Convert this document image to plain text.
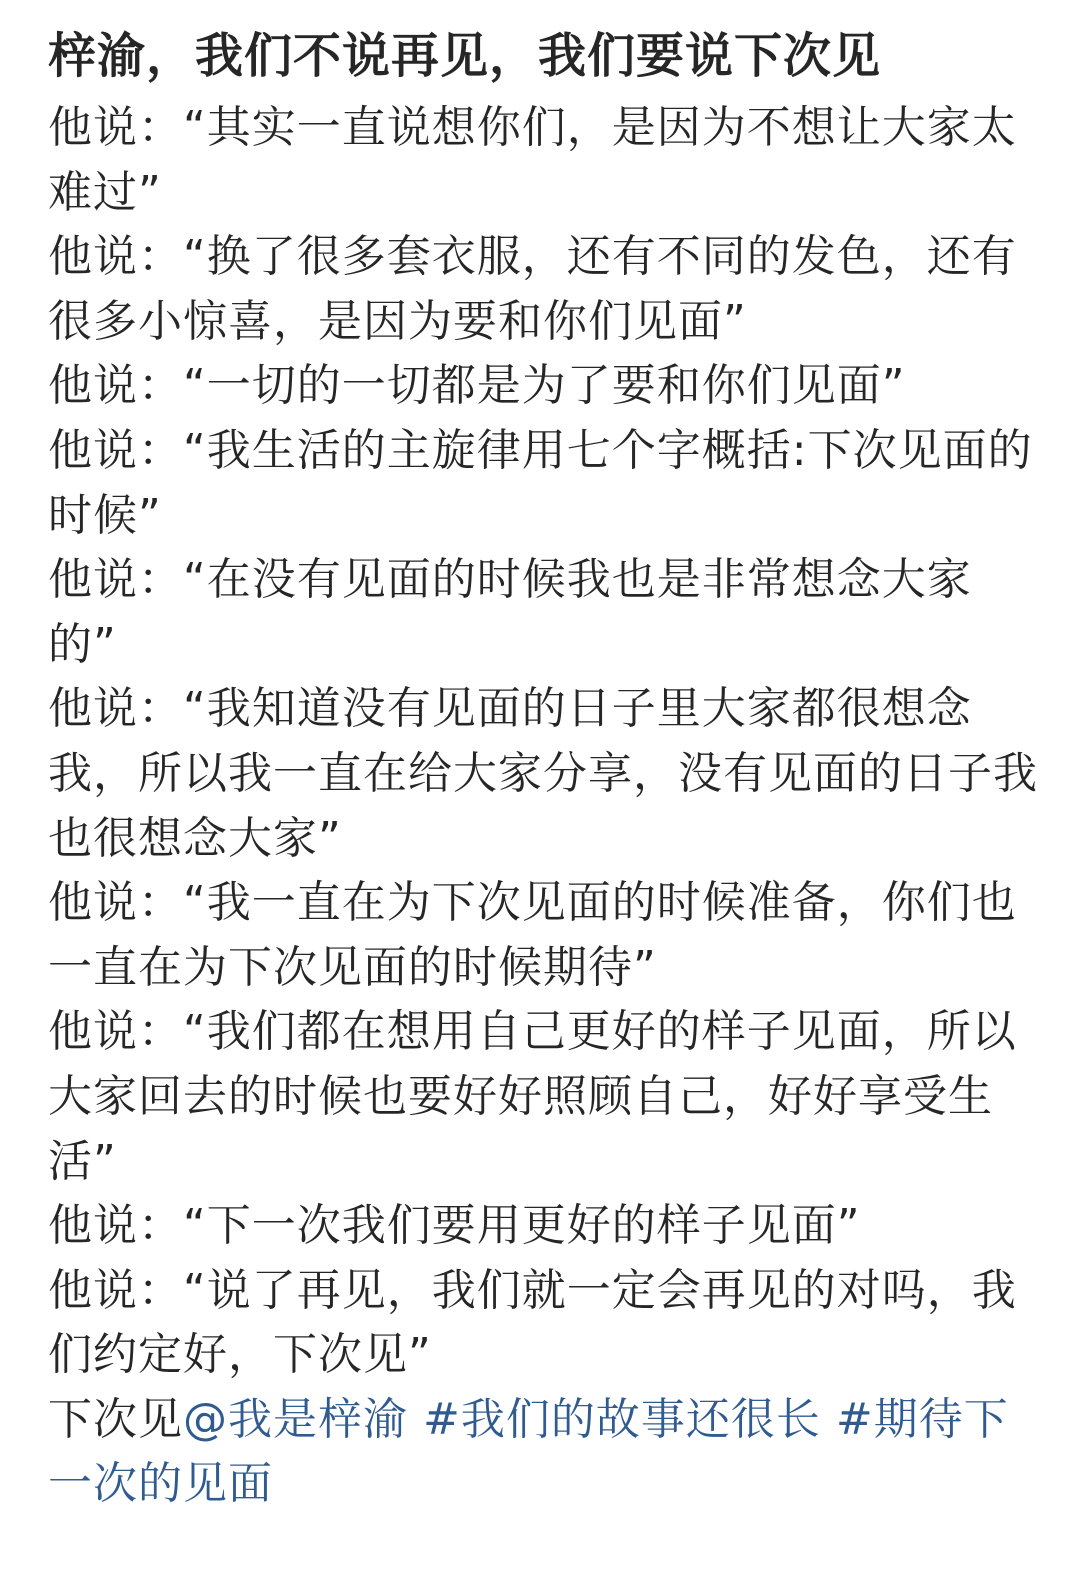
梓渝，我们不说再见，我们要说下次见
他说：“其实一直说想你们，是因为不想让大家太难过”
他说：“换了很多套衣服，还有不同的发色，还有很多小惊喜，是因为要和你们见面”
他说：“一切的一切都是为了要和你们见面”
他说：“我生活的主旋律用七个字概括:下次见面的时候”
他说：“在没有见面的时候我也是非常想念大家的”
他说：“我知道没有见面的日子里大家都很想念我，所以我一直在给大家分享，没有见面的日子我也很想念大家”
他说：“我一直在为下次见面的时候准备，你们也一直在为下次见面的时候期待”
他说：“我们都在想用自己更好的样子见面，所以大家回去的时候也要好好照顾自己，好好享受生活”
他说：“下一次我们要用更好的样子见面”
他说：“说了再见，我们就一定会再见的对吗，我们约定好，下次见”
下次见@我是梓渝 #我们的故事还很长 #期待下一次的见面
